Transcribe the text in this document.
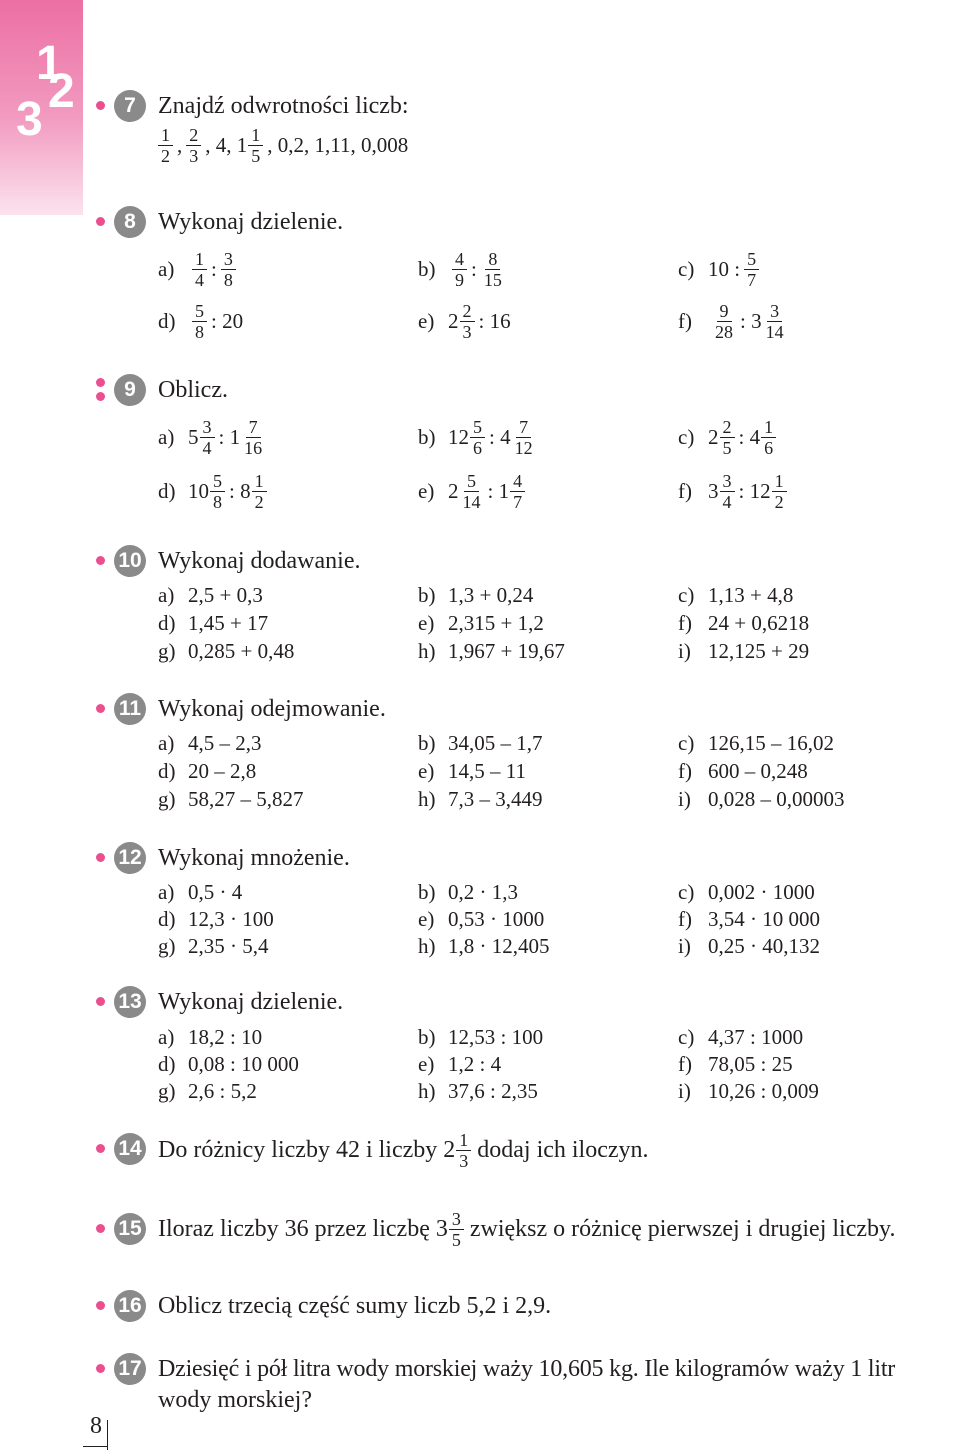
1
2
3	7 Znajdź odwrotności liczb:
$\frac{1}{2}$ , $\frac{2}{3}$ , 4, $1 \frac{1}{5}$ , 0,2, 1,11, 0,008
8 Wykonaj dzielenie.
$a) \frac{1}{4}$ : $\frac{3}{8}$	$b) \frac{4}{9}$ : $\frac{8}{15}$	c) 10 : $\frac{5}{7}$
$d) \frac{5}{8}$ : 20	e) $2 \frac{2}{3}$ : 16	f)	$\frac{9}{28}$ : $3 \frac{3}{14}$
9 Oblicz.
a) $5 \frac{3}{4}$ : $1 \frac{7}{16}$	b) $12 \frac{5}{6}$ : $4 \frac{7}{12}$	c) $2 \frac{2}{5}$ : $4 \frac{1}{6}$
d) $10 \frac{5}{8}$ : $8 \frac{1}{2}$	e) $2 \frac{5}{14}$ : $1 \frac{4}{7}$	f) $3 \frac{3}{4}$ : $12 \frac{1}{2}$
10 Wykonaj dodawanie.
a) 2,5 + 0,3	b) 1,3 + 0,24	c) 1,13 + 4,8
d) 1,45 + 17	e) 2,315 + 1,2	f) 24 + 0,6218
g) 0,285 + 0,48	h) 1,967 + 19,67	i) 12,125 + 29
11 Wykonaj odejmowanie.
a) 4,5 – 2,3	b) 34,05 – 1,7	c) 126,15 – 16,02
d) 20 – 2,8	e) 14,5 – 11	f) 600 – 0,248
g) 58,27 – 5,827	h) 7,3 – 3,449	i) 0,028 – 0,00003
12 Wykonaj mnożenie.
a) 0,5 · 4	b) 0,2 · 1,3	c) 0,002 · 1000
d) 12,3 · 100	e) 0,53 · 1000	f) 3,54 · 10 000
g) 2,35 · 5,4	h) 1,8 · 12,405	i) 0,25 · 40,132
13 Wykonaj dzielenie.
a) 18,2 : 10	b) 12,53 : 100	c) 4,37 : 1000
d) 0,08 : 10 000	e) 1,2 : 4	f) 78,05 : 25
g) 2,6 : 5,2	h) 37,6 : 2,35	i) 10,26 : 0,009
14 Do różnicy liczby 42 i liczby $2 \frac{1}{3}$ dodaj ich iloczyn.
15 Iloraz liczby 36 przez liczbę $3 \frac{3}{5}$ zwiększ o różnicę pierwszej i drugiej liczby.
16 Oblicz trzecią część sumy liczb 5,2 i 2,9.
17 Dziesięć i pół litra wody morskiej waży 10,605 kg. Ile kilogramów waży 1 litr
wody morskiej?
8
